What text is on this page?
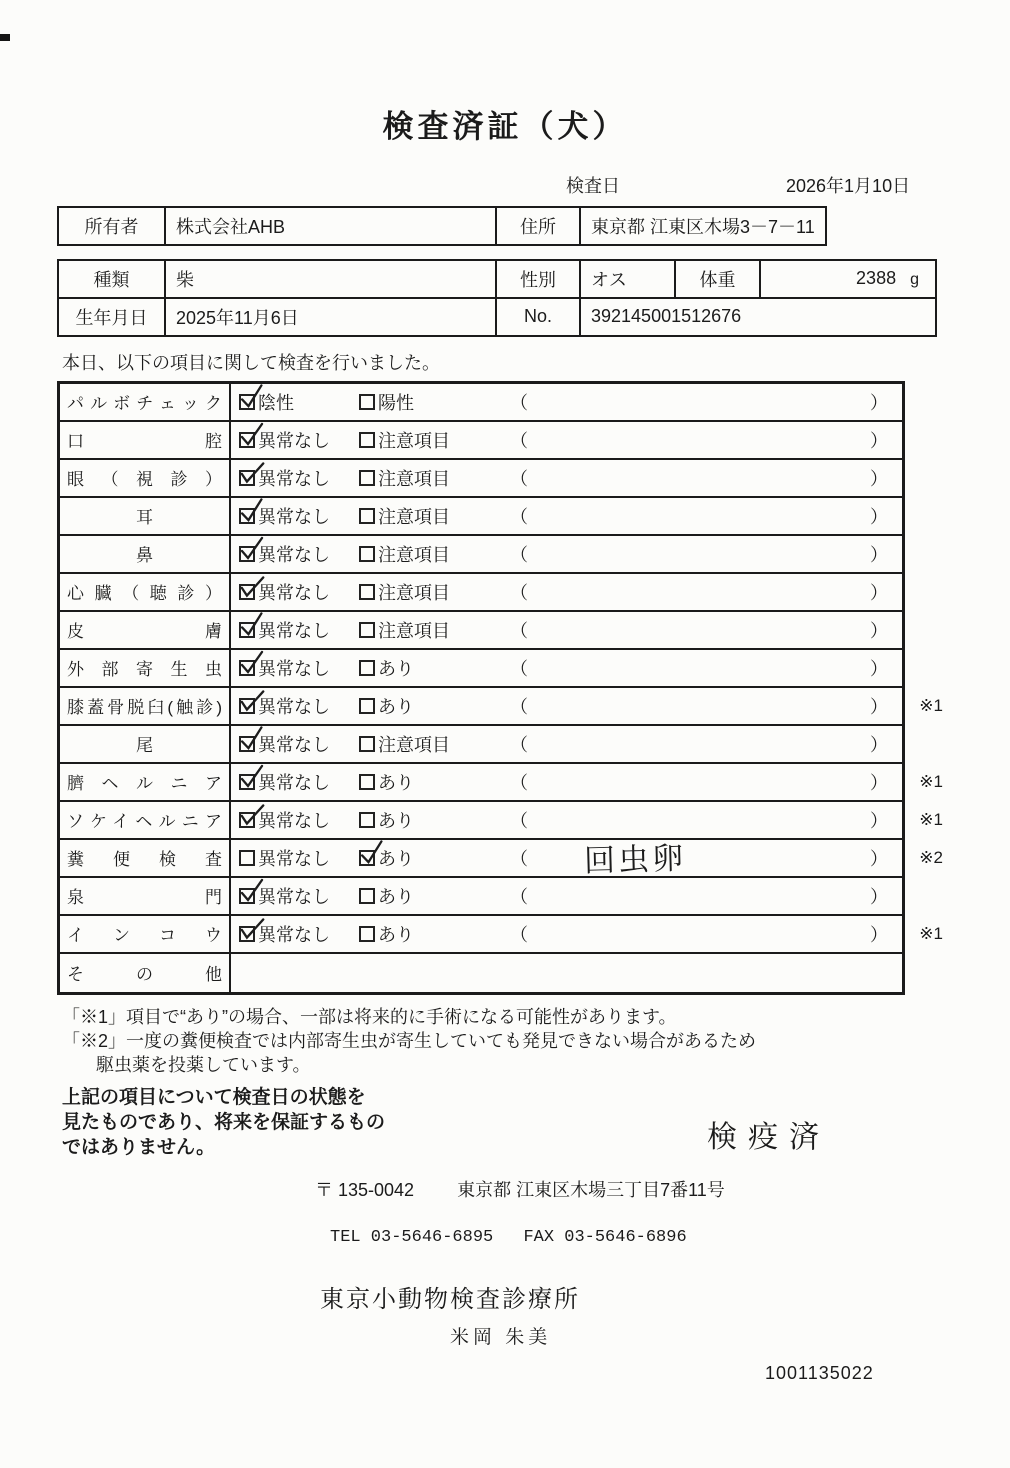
検査済証（犬）
検査日	2026年1月10日
所有者	株式会社AHB	住所	東京都 江東区木場3－7－11
種類	柴	性別	オス	体重	2388 g
生年月日	2025年11月6日	No.	392145001512676		
本日、以下の項目に関して検査を行いました。
パルボチェック 陰性	陽性	（	）
口腔 異常なし	注意項目	（	）
眼（視診） 異常なし	注意項目	（	）
耳	異常なし	注意項目	（	）
鼻	異常なし	注意項目	（	）
心臓（聴診） 異常なし	注意項目	（	）
皮膚 異常なし	注意項目	（	）
外部寄生虫 異常なし	あり	（	）
膝蓋骨脱臼(触診) 異常なし	あり	（	） ※1
尾	異常なし	注意項目	（	）
臍ヘルニア 異常なし	あり	（	） ※1
ソケイヘルニア 異常なし	あり	（	） ※1
糞便検査 異常なし	あり	（ 回虫卵	） ※2
泉門 異常なし	あり	（	）
インコウ 異常なし	あり	（	） ※1
その他

「※1」項目で“あり”の場合、一部は将来的に手術になる可能性があります。

「※2」一度の糞便検査では内部寄生虫が寄生していても発見できない場合があるため

駆虫薬を投薬しています。

上記の項目について検査日の状態を

見たものであり、将来を保証するもの

ではありません。	検疫済
〒 135-0042 東京都 江東区木場三丁目7番11号
TEL 03-5646-6895 FAX 03-5646-6896
東京小動物検査診療所
米岡 朱美
1001135022
